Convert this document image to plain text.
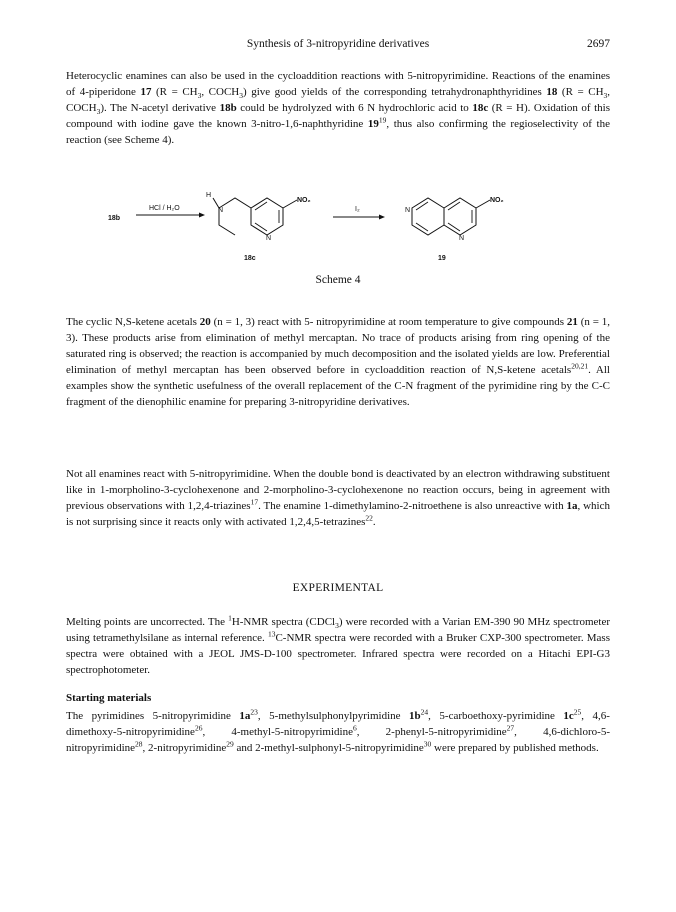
Synthesis of 3-nitropyridine derivatives	2697

Heterocyclic enamines can also be used in the cycloaddition reactions with 5-nitropyrimidine. Reactions of the enamines of 4-piperidone 17 ($R = CH_3$, $COCH_3$) give good yields of the corresponding tetrahydronaphthyridines 18 ($R = CH_3$, $COCH_3$). The N-acetyl derivative 18b could be hydrolyzed with 6 N hydrochloric acid to 18c (R = H). Oxidation of this compound with iodine gave the known 3-nitro-1,6-naphthyridine $19^{19}$, thus also confirming the regioselectivity of the reaction (see Scheme 4).

18b
HCl / H₂O
H
N
N
NO₂
18c
I₂	N
N
NO₂
19
Scheme 4

The cyclic N,S-ketene acetals 20 (n = 1, 3) react with 5- nitropyrimidine at room temperature to give compounds 21 (n = 1, 3). These products arise from elimination of methyl mercaptan. No trace of products arising from ring opening of the saturated ring is observed; the reaction is accompanied by much decomposition and the isolated yields are low. Preferential elimination of methyl mercaptan has been observed before in cycloaddition reaction of N,S-ketene acetals$^{20,21}$. All examples show the synthetic usefulness of the overall replacement of the C-N fragment of the pyrimidine ring by the C-C fragment of the dienophilic enamine for preparing 3-nitropyridine derivatives.

Not all enamines react with 5-nitropyrimidine. When the double bond is deactivated by an electron withdrawing substituent like in 1-morpholino-3-cyclohexenone and 2-morpholino-3-cyclohexenone no reaction occurs, being in agreement with previous observations with 1,2,4-triazines$^{17}$. The enamine 1-dimethylamino-2-nitroethene is also unreactive with 1a, which is not surprising since it reacts only with activated 1,2,4,5-tetrazines$^{22}$.

EXPERIMENTAL

Melting points are uncorrected. The $^1$H-NMR spectra (CDCl$_3$) were recorded with a Varian EM-390 90 MHz spectrometer using tetramethylsilane as internal reference. $^{13}$C-NMR spectra were recorded with a Bruker CXP-300 spectrometer. Mass spectra were obtained with a JEOL JMS-D-100 spectrometer. Infrared spectra were recorded on a Hitachi EPI-G3 spectrophotometer.

Starting materials

The pyrimidines 5-nitropyrimidine $1a^{23}$, 5-methylsulphonylpyrimidine $1b^{24}$, 5-carboethoxy-pyrimidine $1c^{25}$, 4,6-dimethoxy-5-nitropyrimidine$^{26}$, 4-methyl-5-nitropyrimidine$^6$, 2-phenyl-5-nitropyrimidine$^{27}$, 4,6-dichloro-5-nitropyrimidine$^{28}$, 2-nitropyrimidine$^{29}$ and 2-methyl-sulphonyl-5-nitropyrimidine$^{30}$ were prepared by published methods.
